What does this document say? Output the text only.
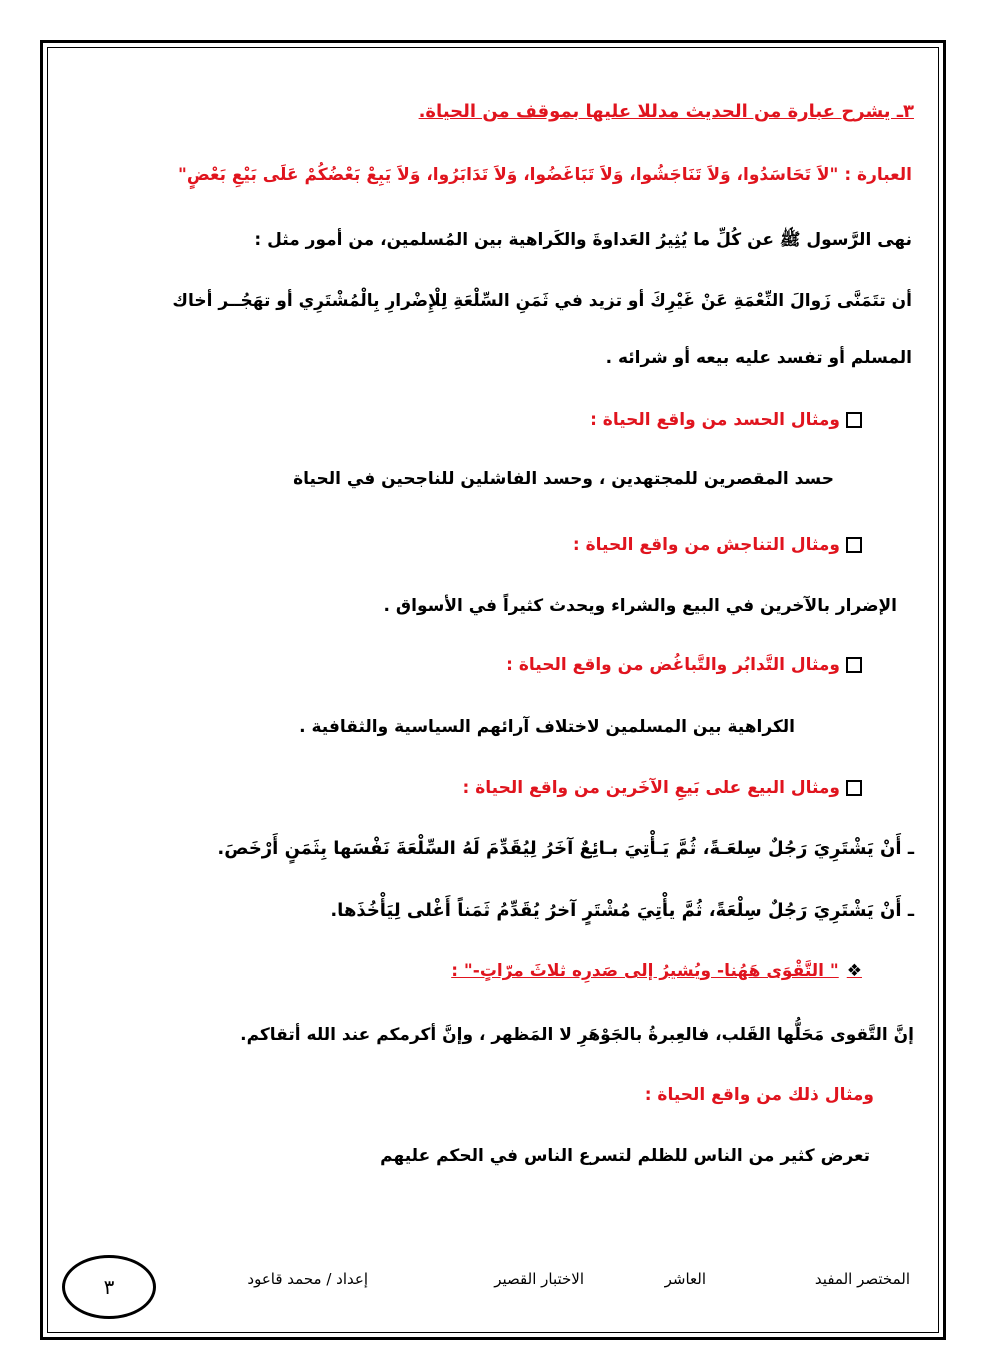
٣ـ يشرح عبارة من الحديث مدللا عليها بموقف من الحياة.
العبارة : "لاَ تَحَاسَدُوا، وَلاَ تَنَاجَشُوا، وَلاَ تَبَاغَضُوا، وَلاَ تَدَابَرُوا، وَلاَ يَبِعْ بَعْضُكُمْ عَلَى بَيْعِ بَعْضٍ"
نهى الرَّسول ﷺ عن كُلِّ ما يُثِيرُ العَداوةَ والكَراهية بين المُسلمين، من أمور مثل :
أن تتَمَنَّى زَوالَ النِّعْمَةِ عَنْ غَيْرِكَ أو تزيد في ثَمَنِ السِّلْعَةِ لِلْإِضْرارِ بِالْمُشْتَرِي أو تهَجُــر أخاك
المسلم أو تفسد عليه بيعه أو شرائه .
ومثال الحسد من واقع الحياة :
حسد المقصرين للمجتهدين ، وحسد الفاشلين للناجحين في الحياة
ومثال التناجش من واقع الحياة :
الإضرار بالآخرين في البيع والشراء ويحدث كثيراً في الأسواق .
ومثال التَّدابُر والتَّباغُض من واقع الحياة :
الكراهية بين المسلمين لاختلاف آرائهم السياسية والثقافية .
ومثال البيع على بَيعِ الآخَرين من واقع الحياة :
ـ أَنْ يَشْتَرِيَ رَجُلٌ سِلعَـةً، ثُمَّ يَـأْتِيَ بـائِعٌ آخَرُ لِيُقَدِّمَ لَهُ السِّلْعَةَ نَفْسَها بِثَمَنٍ أَرْخَصَ.
ـ أَنْ يَشْتَرِيَ رَجُلٌ سِلْعَةً، ثُمَّ يأْتِيَ مُشْتَرٍ آخرُ يُقَدِّمُ ثَمَناً أَغْلى لِيَأْخُذَها.
❖" التَّقْوَى هَهُنا- ويُشيرُ إلى صَدرِه ثلاثَ مرّاتٍ-" :
إنَّ التَّقوى مَحَلُّها القَلب، فالعِبرةُ بالجَوْهَرِ لا المَظهر ، وإنَّ أكرمكم عند الله أتقاكم.
ومثال ذلك من واقع الحياة :
تعرض كثير من الناس للظلم لتسرع الناس في الحكم عليهم
المختصر المفيد
العاشر
الاختبار القصير
إعداد / محمد قاعود
٣
